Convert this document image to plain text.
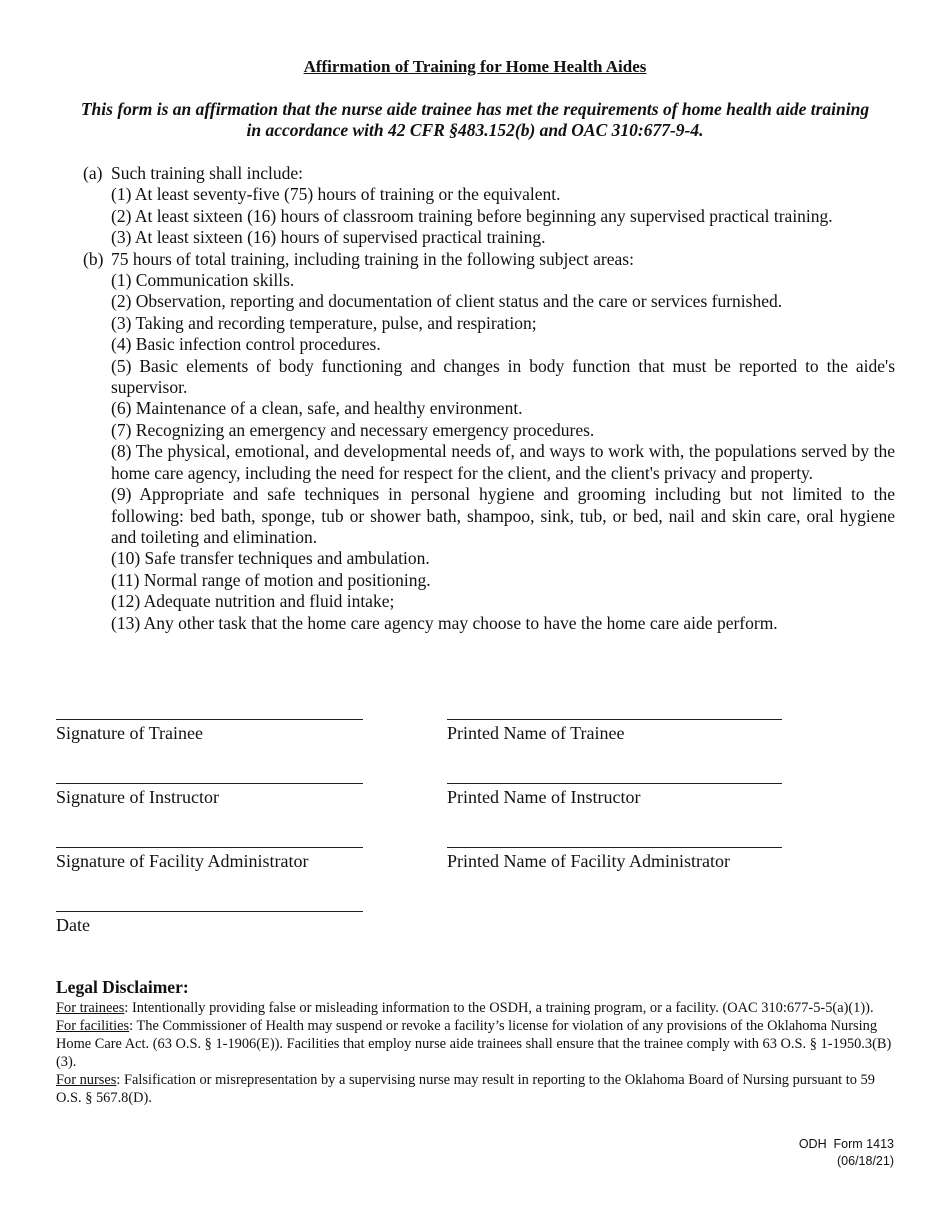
Affirmation of Training for Home Health Aides
This form is an affirmation that the nurse aide trainee has met the requirements of home health aide training in accordance with 42 CFR §483.152(b) and OAC 310:677-9-4.
(a) Such training shall include:
(1) At least seventy-five (75) hours of training or the equivalent.
(2) At least sixteen (16) hours of classroom training before beginning any supervised practical training.
(3) At least sixteen (16) hours of supervised practical training.
(b) 75 hours of total training, including training in the following subject areas:
(1) Communication skills.
(2) Observation, reporting and documentation of client status and the care or services furnished.
(3) Taking and recording temperature, pulse, and respiration;
(4) Basic infection control procedures.
(5) Basic elements of body functioning and changes in body function that must be reported to the aide's supervisor.
(6) Maintenance of a clean, safe, and healthy environment.
(7) Recognizing an emergency and necessary emergency procedures.
(8) The physical, emotional, and developmental needs of, and ways to work with, the populations served by the home care agency, including the need for respect for the client, and the client's privacy and property.
(9) Appropriate and safe techniques in personal hygiene and grooming including but not limited to the following: bed bath, sponge, tub or shower bath, shampoo, sink, tub, or bed, nail and skin care, oral hygiene and toileting and elimination.
(10) Safe transfer techniques and ambulation.
(11) Normal range of motion and positioning.
(12) Adequate nutrition and fluid intake;
(13) Any other task that the home care agency may choose to have the home care aide perform.
Signature of Trainee	Printed Name of Trainee
Signature of Instructor	Printed Name of Instructor
Signature of Facility Administrator	Printed Name of Facility Administrator
Date
Legal Disclaimer:

For trainees: Intentionally providing false or misleading information to the OSDH, a training program, or a facility. (OAC 310:677-5-5(a)(1)).

For facilities: The Commissioner of Health may suspend or revoke a facility’s license for violation of any provisions of the Oklahoma Nursing Home Care Act. (63 O.S. § 1-1906(E)). Facilities that employ nurse aide trainees shall ensure that the trainee comply with 63 O.S. § 1-1950.3(B)(3).

For nurses: Falsification or misrepresentation by a supervising nurse may result in reporting to the Oklahoma Board of Nursing pursuant to 59 O.S. § 567.8(D).

ODH  Form 1413
(06/18/21)
